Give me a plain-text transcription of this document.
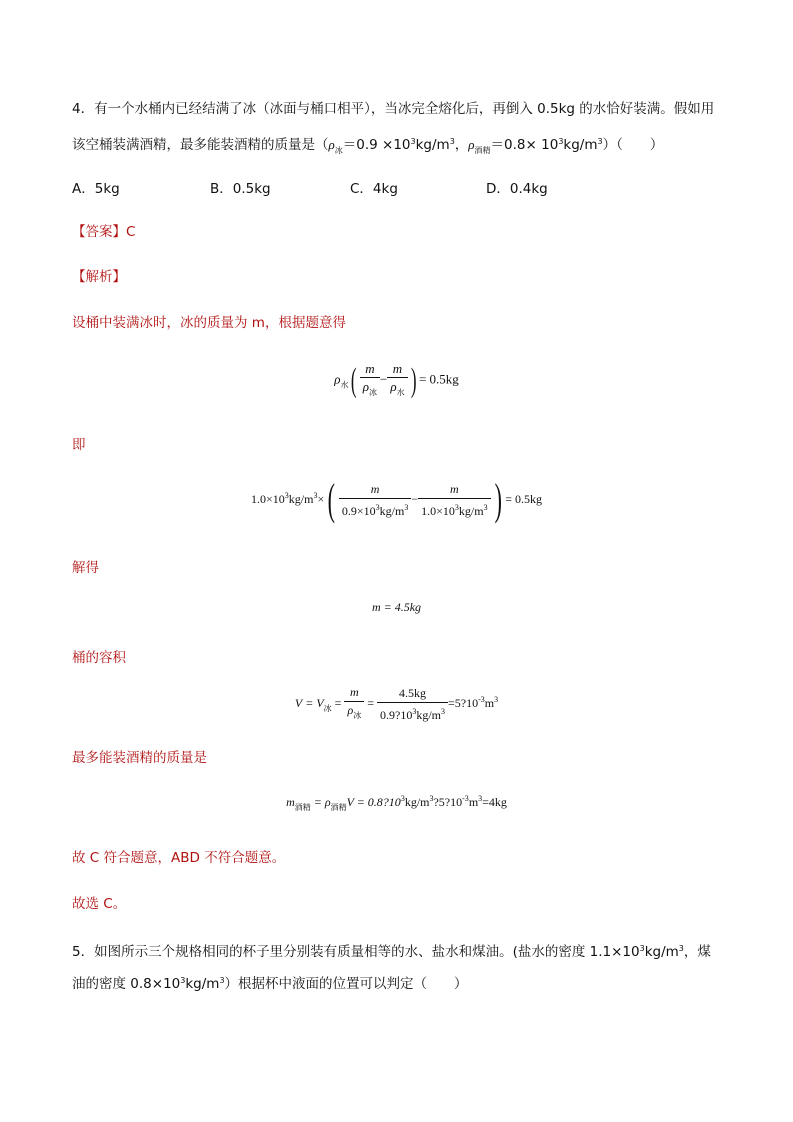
4．有一个水桶内已经结满了冰（冰面与桶口相平），当冰完全熔化后，再倒入 0.5kg 的水恰好装满。假如用
该空桶装满酒精，最多能装酒精的质量是（$\rho_冰=0.9 \times 10^3kg/m^3$，$\rho_{酒精}=0.8\times 10^3kg/m^3$）（　　）
A．5kg	B．0.5kg	C．4kg	D．0.4kg
【答案】C
【解析】
设桶中装满冰时，冰的质量为 m，根据题意得
$\rho_水( \frac{m}{\rho_冰} - \frac{m}{\rho_水}$ ) = 0.5kg
即
$1.0\times 10^3kg/m^3\times( \frac{m}{0.9\times 10^3kg/m^3} - \frac{m}{1.0\times 10^3kg/m^3}$ ) = 0.5kg
解得
m = 4.5kg
桶的容积
$V = V_冰 = \frac{m}{\rho_冰} = \frac{4.5kg}{0.9?10^3kg/m^3}$ $=5?10^{-3}m^3$
最多能装酒精的质量是
$m_{酒精} = \rho_{酒精}V$ = $0.8?10^3kg/m^3?5?10^{-3}m^3=4kg$
故 C 符合题意，ABD 不符合题意。
故选 C。
5．如图所示三个规格相同的杯子里分别装有质量相等的水、盐水和煤油。(盐水的密度 $1.1\times 10^3kg/m^3$，煤
油的密度 $0.8\times 10^3kg/m^3$）根据杯中液面的位置可以判定（　　）
